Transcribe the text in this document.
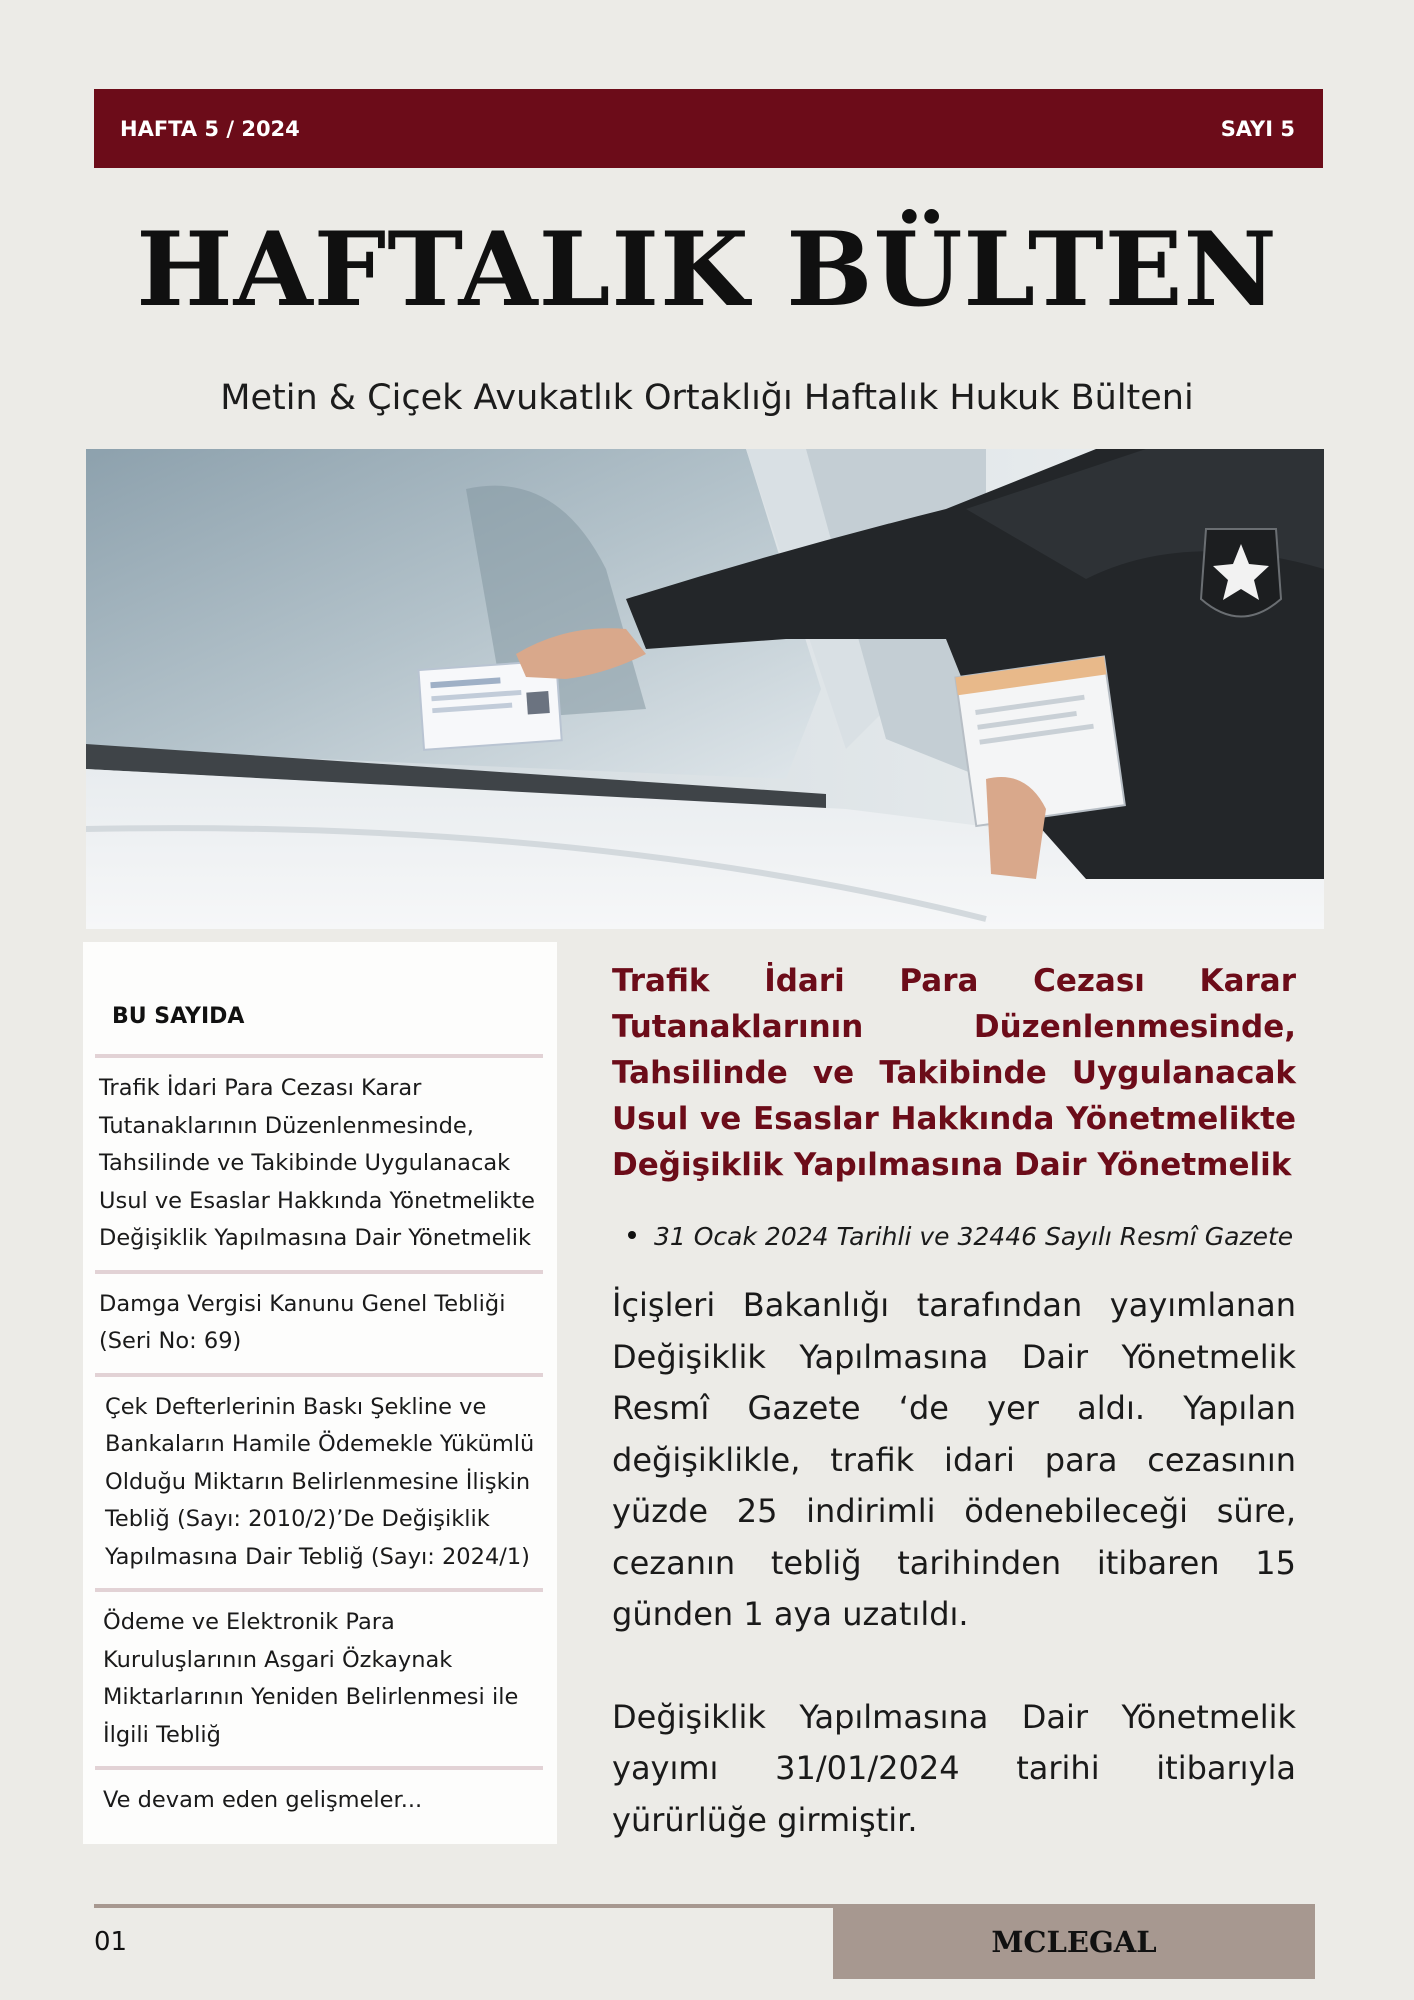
HAFTA 5 / 2024	SAYI 5
HAFTALIK BÜLTEN
Metin & Çiçek Avukatlık Ortaklığı Haftalık Hukuk Bülteni
BU SAYIDA
Trafik İdari Para Cezası Karar
Tutanaklarının Düzenlenmesinde,
Tahsilinde ve Takibinde Uygulanacak
Usul ve Esaslar Hakkında Yönetmelikte
Değişiklik Yapılmasına Dair Yönetmelik
Damga Vergisi Kanunu Genel Tebliği
(Seri No: 69)
Çek Defterlerinin Baskı Şekline ve
Bankaların Hamile Ödemekle Yükümlü
Olduğu Miktarın Belirlenmesine İlişkin
Tebliğ (Sayı: 2010/2)’De Değişiklik
Yapılmasına Dair Tebliğ (Sayı: 2024/1)
Ödeme ve Elektronik Para
Kuruluşlarının Asgari Özkaynak
Miktarlarının Yeniden Belirlenmesi ile
İlgili Tebliğ
Ve devam eden gelişmeler...
Trafik İdari Para Cezası Karar Tutanaklarının Düzenlenmesinde, Tahsilinde ve Takibinde Uygulanacak Usul ve Esaslar Hakkında Yönetmelikte Değişiklik Yapılmasına Dair Yönetmelik
31 Ocak 2024 Tarihli ve 32446 Sayılı Resmî Gazete

İçişleri Bakanlığı tarafından yayımlanan Değişiklik Yapılmasına Dair Yönetmelik Resmî Gazete ‘de yer aldı. Yapılan değişiklikle, trafik idari para cezasının yüzde 25 indirimli ödenebileceği süre, cezanın tebliğ tarihinden itibaren 15 günden 1 aya uzatıldı.

Değişiklik Yapılmasına Dair Yönetmelik yayımı 31/01/2024 tarihi itibarıyla yürürlüğe girmiştir.

01	MCLEGAL
